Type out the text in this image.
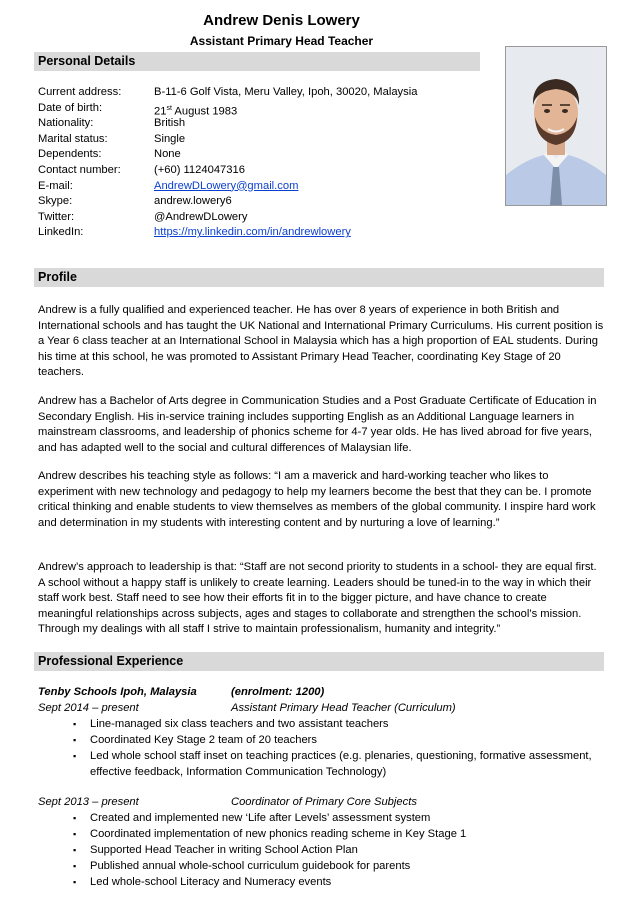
Andrew Denis Lowery
Assistant Primary Head Teacher
Personal Details
Current address:	B-11-6 Golf Vista, Meru Valley, Ipoh, 30020, Malaysia
Date of birth:	21st August 1983
Nationality:	British
Marital status:	Single
Dependents:	None
Contact number:	(+60) 1124047316
E-mail:	AndrewDLowery@gmail.com
Skype:	andrew.lowery6
Twitter:	@AndrewDLowery
LinkedIn:	https://my.linkedin.com/in/andrewlowery
Profile

Andrew is a fully qualified and experienced teacher. He has over 8 years of experience in both British and International schools and has taught the UK National and International Primary Curriculums. His current position is a Year 6 class teacher at an International School in Malaysia which has a high proportion of EAL students. During his time at this school, he was promoted to Assistant Primary Head Teacher, coordinating Key Stage of 20 teachers.

Andrew has a Bachelor of Arts degree in Communication Studies and a Post Graduate Certificate of Education in Secondary English. His in-service training includes supporting English as an Additional Language learners in mainstream classrooms, and leadership of phonics scheme for 4-7 year olds. He has lived abroad for five years, and has adapted well to the social and cultural differences of Malaysian life.

Andrew describes his teaching style as follows: “I am a maverick and hard-working teacher who likes to experiment with new technology and pedagogy to help my learners become the best that they can be. I promote critical thinking and enable students to view themselves as members of the global community. I inspire hard work and determination in my students with interesting content and by nurturing a love of learning.”

Andrew’s approach to leadership is that: “Staff are not second priority to students in a school- they are equal first. A school without a happy staff is unlikely to create learning. Leaders should be tuned-in to the way in which their staff work best. Staff need to see how their efforts fit in to the bigger picture, and have chance to create meaningful relationships across subjects, ages and stages to collaborate and strengthen the school’s mission. Through my dealings with all staff I strive to maintain professionalism, humanity and integrity.”

Professional Experience
Tenby Schools Ipoh, Malaysia	(enrolment: 1200)
Sept 2014 – present	Assistant Primary Head Teacher (Curriculum)
▪	Line-managed six class teachers and two assistant teachers
▪	Coordinated Key Stage 2 team of 20 teachers
▪	Led whole school staff inset on teaching practices (e.g. plenaries, questioning, formative assessment, effective feedback, Information Communication Technology)
Sept 2013 – present	Coordinator of Primary Core Subjects
▪	Created and implemented new ‘Life after Levels’ assessment system
▪	Coordinated implementation of new phonics reading scheme in Key Stage 1
▪	Supported Head Teacher in writing School Action Plan
▪	Published annual whole-school curriculum guidebook for parents
▪	Led whole-school Literacy and Numeracy events
